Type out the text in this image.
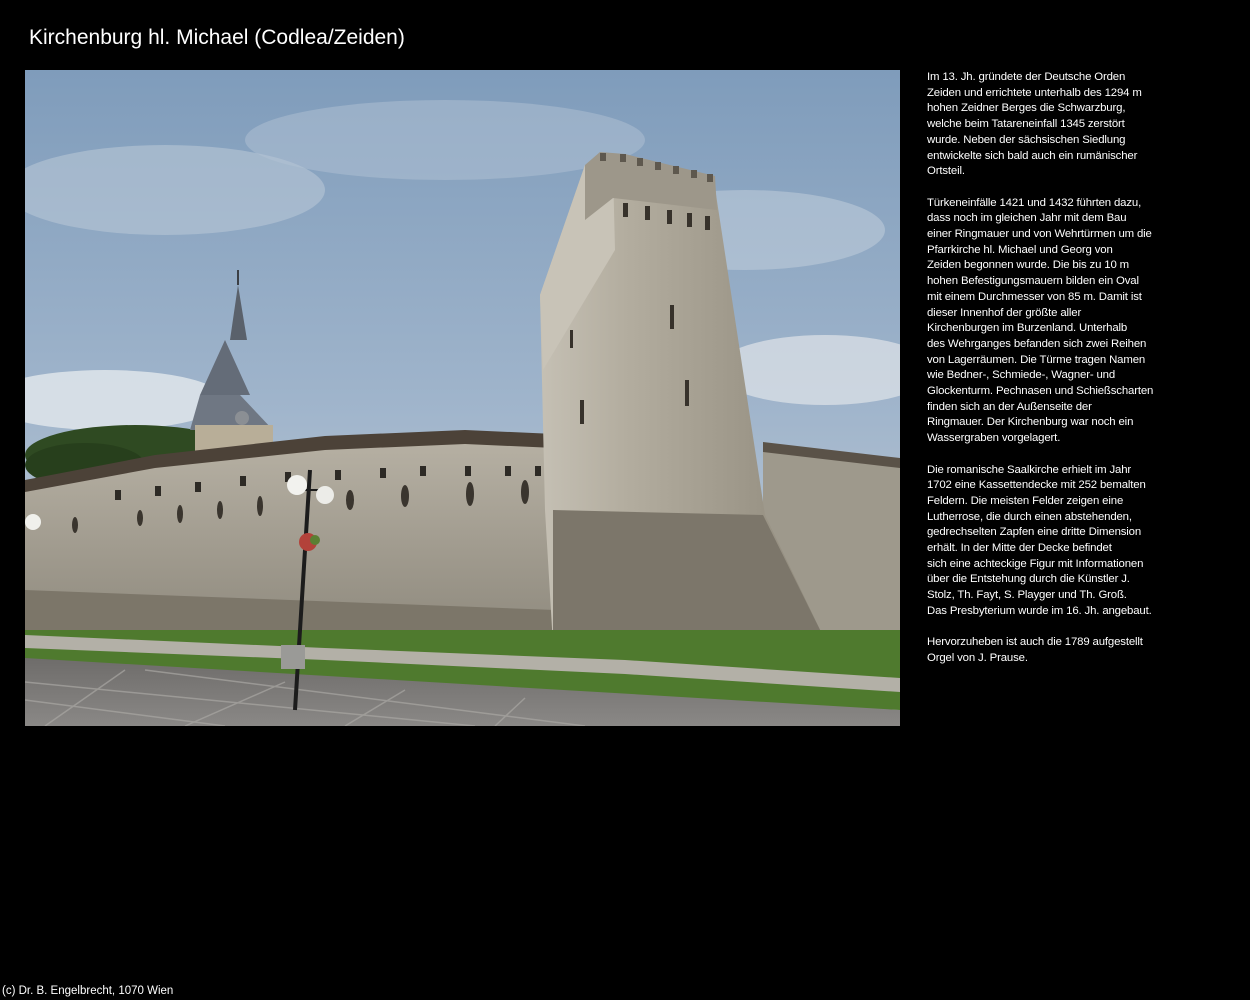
Kirchenburg hl. Michael (Codlea/Zeiden)

Im 13. Jh. gründete der Deutsche Orden
Zeiden und errichtete unterhalb des 1294 m
hohen Zeidner Berges die Schwarzburg,
welche beim Tatareneinfall 1345 zerstört
wurde. Neben der sächsischen Siedlung
entwickelte sich bald auch ein rumänischer
Ortsteil.

Türkeneinfälle 1421 und 1432 führten dazu,
dass noch im gleichen Jahr mit dem Bau
einer Ringmauer und von Wehrtürmen um die
Pfarrkirche hl. Michael und Georg von
Zeiden begonnen wurde. Die bis zu 10 m
hohen Befestigungsmauern bilden ein Oval
mit einem Durchmesser von 85 m. Damit ist
dieser Innenhof der größte aller
Kirchenburgen im Burzenland. Unterhalb
des Wehrganges befanden sich zwei Reihen
von Lagerräumen. Die Türme tragen Namen
wie Bedner-, Schmiede-, Wagner- und
Glockenturm. Pechnasen und Schießscharten
finden sich an der Außenseite der
Ringmauer. Der Kirchenburg war noch ein
Wassergraben vorgelagert.

Die romanische Saalkirche erhielt im Jahr
1702 eine Kassettendecke mit 252 bemalten
Feldern. Die meisten Felder zeigen eine
Lutherrose, die durch einen abstehenden,
gedrechselten Zapfen eine dritte Dimension
erhält. In der Mitte der Decke befindet
sich eine achteckige Figur mit Informationen
über die Entstehung durch die Künstler J.
Stolz, Th. Fayt, S. Playger und Th. Groß.
Das Presbyterium wurde im 16. Jh. angebaut.

Hervorzuheben ist auch die 1789 aufgestellt
Orgel von J. Prause.

(c) Dr. B. Engelbrecht, 1070 Wien
